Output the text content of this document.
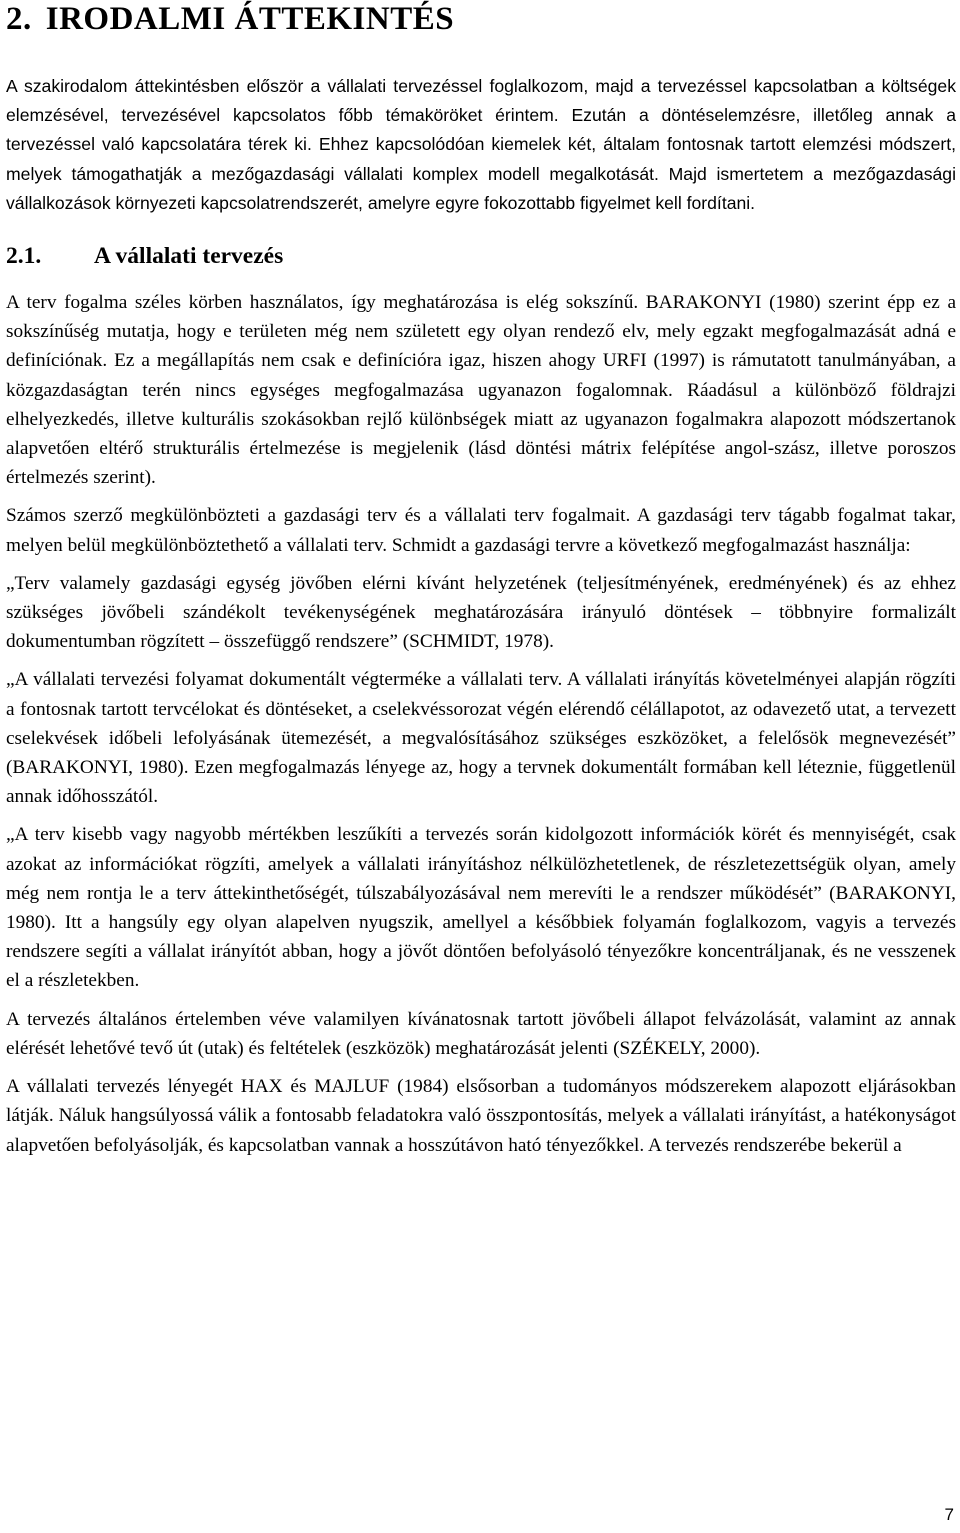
2. IRODALMI ÁTTEKINTÉS

A szakirodalom áttekintésben először a vállalati tervezéssel foglalkozom, majd a tervezéssel kapcsolatban a költségek elemzésével, tervezésével kapcsolatos főbb témaköröket érintem. Ezután a döntéselemzésre, illetőleg annak a tervezéssel való kapcsolatára térek ki. Ehhez kapcsolódóan kiemelek két, általam fontosnak tartott elemzési módszert, melyek támogathatják a mezőgazdasági vállalati komplex modell megalkotását. Majd ismertetem a mezőgazdasági vállalkozások környezeti kapcsolatrendszerét, amelyre egyre fokozottabb figyelmet kell fordítani.

2.1. A vállalati tervezés

A terv fogalma széles körben használatos, így meghatározása is elég sokszínű. BARAKONYI (1980) szerint épp ez a sokszínűség mutatja, hogy e területen még nem született egy olyan rendező elv, mely egzakt megfogalmazását adná e definíciónak. Ez a megállapítás nem csak e definícióra igaz, hiszen ahogy URFI (1997) is rámutatott tanulmányában, a közgazdaságtan terén nincs egységes megfogalmazása ugyanazon fogalomnak. Ráadásul a különböző földrajzi elhelyezkedés, illetve kulturális szokásokban rejlő különbségek miatt az ugyanazon fogalmakra alapozott módszertanok alapvetően eltérő strukturális értelmezése is megjelenik (lásd döntési mátrix felépítése angol-szász, illetve poroszos értelmezés szerint).

Számos szerző megkülönbözteti a gazdasági terv és a vállalati terv fogalmait. A gazdasági terv tágabb fogalmat takar, melyen belül megkülönböztethető a vállalati terv. Schmidt a gazdasági tervre a következő megfogalmazást használja:

„Terv valamely gazdasági egység jövőben elérni kívánt helyzetének (teljesítményének, eredményének) és az ehhez szükséges jövőbeli szándékolt tevékenységének meghatározására irányuló döntések – többnyire formalizált dokumentumban rögzített – összefüggő rendszere” (SCHMIDT, 1978).

„A vállalati tervezési folyamat dokumentált végterméke a vállalati terv. A vállalati irányítás követelményei alapján rögzíti a fontosnak tartott tervcélokat és döntéseket, a cselekvéssorozat végén elérendő célállapotot, az odavezető utat, a tervezett cselekvések időbeli lefolyásának ütemezését, a megvalósításához szükséges eszközöket, a felelősök megnevezését” (BARAKONYI, 1980). Ezen megfogalmazás lényege az, hogy a tervnek dokumentált formában kell léteznie, függetlenül annak időhosszától.

„A terv kisebb vagy nagyobb mértékben leszűkíti a tervezés során kidolgozott információk körét és mennyiségét, csak azokat az információkat rögzíti, amelyek a vállalati irányításhoz nélkülözhetetlenek, de részletezettségük olyan, amely még nem rontja le a terv áttekinthetőségét, túlszabályozásával nem merevíti le a rendszer működését” (BARAKONYI, 1980). Itt a hangsúly egy olyan alapelven nyugszik, amellyel a későbbiek folyamán foglalkozom, vagyis a tervezés rendszere segíti a vállalat irányítót abban, hogy a jövőt döntően befolyásoló tényezőkre koncentráljanak, és ne vesszenek el a részletekben.

A tervezés általános értelemben véve valamilyen kívánatosnak tartott jövőbeli állapot felvázolását, valamint az annak elérését lehetővé tevő út (utak) és feltételek (eszközök) meghatározását jelenti (SZÉKELY, 2000).

A vállalati tervezés lényegét HAX és MAJLUF (1984) elsősorban a tudományos módszerekem alapozott eljárásokban látják. Náluk hangsúlyossá válik a fontosabb feladatokra való összpontosítás, melyek a vállalati irányítást, a hatékonyságot alapvetően befolyásolják, és kapcsolatban vannak a hosszútávon ható tényezőkkel. A tervezés rendszerébe bekerül a

7
